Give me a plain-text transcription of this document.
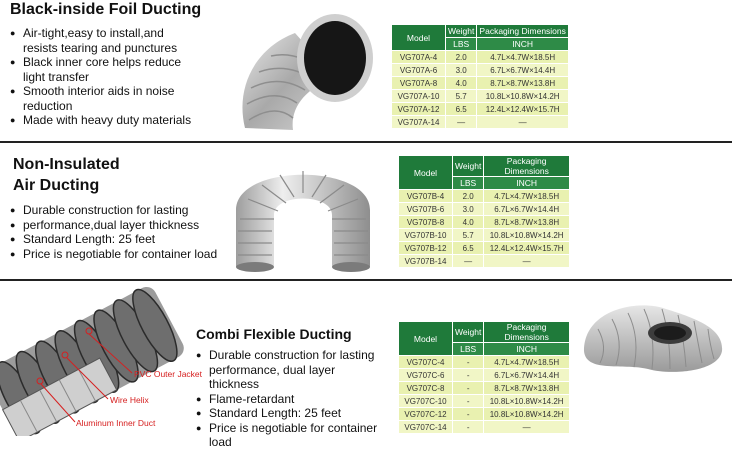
Black-inside Foil Ducting
● Air-tight,easy to install,and resists tearing and punctures
● Black inner core helps reduce light transfer
● Smooth interior aids in noise reduction
● Made with heavy duty materials
Model	Weight	Packaging Dimensions
	LBS	INCH
VG707A-4	2.0	4.7L×4.7W×18.5H
VG707A-6	3.0	6.7L×6.7W×14.4H
VG707A-8	4.0	8.7L×8.7W×13.8H
VG707A-10	5.7	10.8L×10.8W×14.2H
VG707A-12	6.5	12.4L×12.4W×15.7H
VG707A-14	—	—
Non-Insulated
Air Ducting
● Durable construction for lasting
● performance,dual layer thickness
● Standard Length: 25 feet
● Price is negotiable for container load
Model	Weight	Packaging Dimensions
	LBS	INCH
VG707B-4	2.0	4.7L×4.7W×18.5H
VG707B-6	3.0	6.7L×6.7W×14.4H
VG707B-8	4.0	8.7L×8.7W×13.8H
VG707B-10	5.7	10.8L×10.8W×14.2H
VG707B-12	6.5	12.4L×12.4W×15.7H
VG707B-14	—	—
PVC Outer Jacket
Wire Helix
Aluminum Inner Duct
Combi Flexible Ducting
● Durable construction for lasting performance, dual layer thickness
● Flame-retardant
● Standard Length: 25 feet
● Price is negotiable for container load
Model	Weight	Packaging Dimensions
	LBS	INCH
VG707C-4	-	4.7L×4.7W×18.5H
VG707C-6	-	6.7L×6.7W×14.4H
VG707C-8	-	8.7L×8.7W×13.8H
VG707C-10	-	10.8L×10.8W×14.2H
VG707C-12	-	10.8L×10.8W×14.2H
VG707C-14	-	—
